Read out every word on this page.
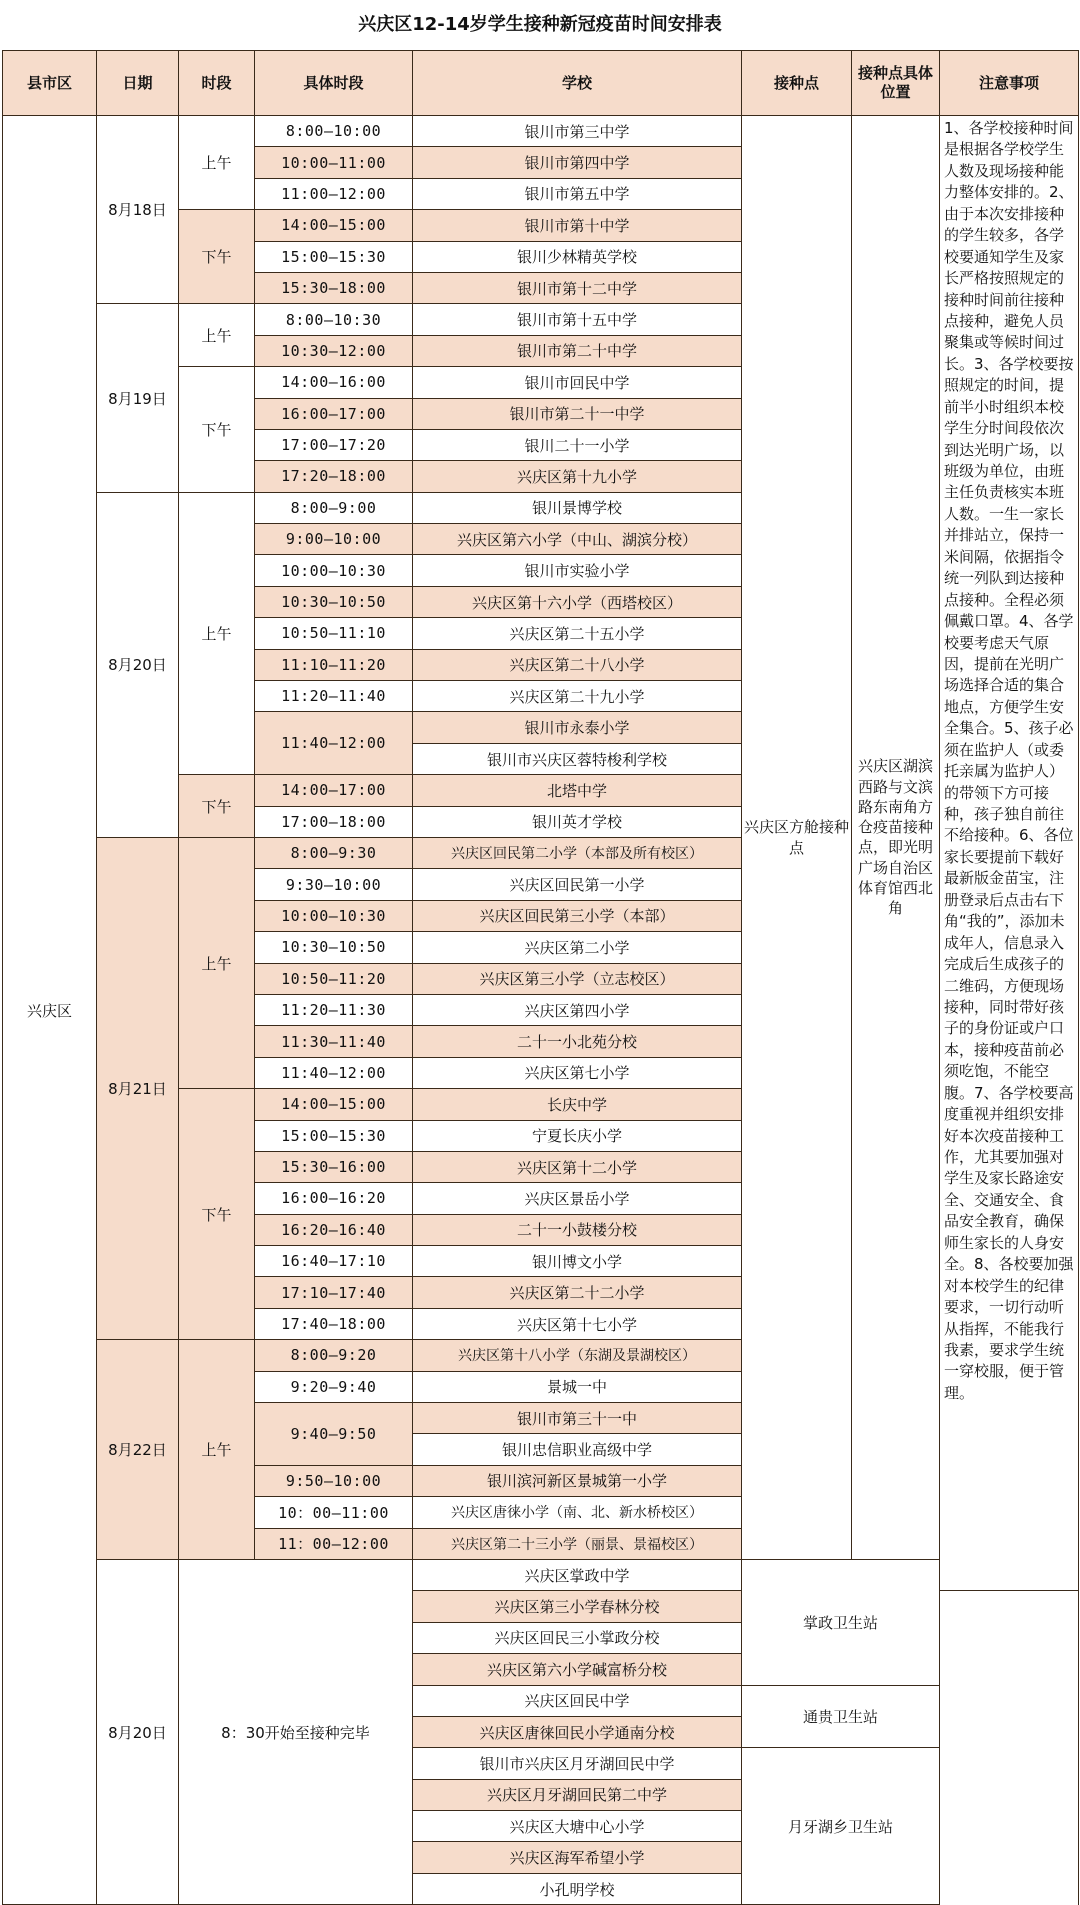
兴庆区12-14岁学生接种新冠疫苗时间安排表
县市区	日期	时段	具体时段	学校	接种点	接种点具体位置	注意事项	
兴庆区	8月18日	上午	8:00—10:00	银川市第三中学	兴庆区方舱接种点	兴庆区湖滨西路与文滨路东南角方仓疫苗接种点，即光明广场自治区体育馆西北角	1、各学校接种时间是根据各学校学生人数及现场接种能力整体安排的。2、由于本次安排接种的学生较多，各学校要通知学生及家长严格按照规定的接种时间前往接种点接种，避免人员聚集或等候时间过长。3、各学校要按照规定的时间，提前半小时组织本校学生分时间段依次到达光明广场，以班级为单位，由班主任负责核实本班人数。一生一家长并排站立，保持一米间隔，依据指令统一列队到达接种点接种。全程必须佩戴口罩。4、各学校要考虑天气原因，提前在光明广场选择合适的集合地点，方便学生安全集合。5、孩子必须在监护人（或委托亲属为监护人）的带领下方可接种，孩子独自前往不给接种。6、各位家长要提前下载好最新版金苗宝，注册登录后点击右下角“我的”，添加未成年人，信息录入完成后生成孩子的二维码，方便现场接种，同时带好孩子的身份证或户口本，接种疫苗前必须吃饱，不能空腹。7、各学校要高度重视并组织安排好本次疫苗接种工作，尤其要加强对学生及家长路途安全、交通安全、食品安全教育，确保师生家长的人身安全。8、各校要加强对本校学生的纪律要求，一切行动听从指挥，不能我行我素，要求学生统一穿校服，便于管理。	
			10:00—11:00	银川市第四中学				
			11:00—12:00	银川市第五中学				
		下午	14:00—15:00	银川市第十中学				
			15:00—15:30	银川少林精英学校				
			15:30—18:00	银川市第十二中学				
	8月19日	上午	8:00—10:30	银川市第十五中学				
			10:30—12:00	银川市第二十中学				
		下午	14:00—16:00	银川市回民中学				
			16:00—17:00	银川市第二十一中学				
			17:00—17:20	银川二十一小学				
			17:20—18:00	兴庆区第十九小学				
	8月20日	上午	8:00—9:00	银川景博学校				
			9:00—10:00	兴庆区第六小学（中山、湖滨分校）				
			10:00—10:30	银川市实验小学				
			10:30—10:50	兴庆区第十六小学（西塔校区）				
			10:50—11:10	兴庆区第二十五小学				
			11:10—11:20	兴庆区第二十八小学				
			11:20—11:40	兴庆区第二十九小学				
			11:40—12:00	银川市永泰小学				
				银川市兴庆区蓉特梭利学校				
		下午	14:00—17:00	北塔中学				
			17:00—18:00	银川英才学校				
	8月21日	上午	8:00—9:30	兴庆区回民第二小学（本部及所有校区）				
			9:30—10:00	兴庆区回民第一小学				
			10:00—10:30	兴庆区回民第三小学（本部）				
			10:30—10:50	兴庆区第二小学				
			10:50—11:20	兴庆区第三小学（立志校区）				
			11:20—11:30	兴庆区第四小学				
			11:30—11:40	二十一小北苑分校				
			11:40—12:00	兴庆区第七小学				
		下午	14:00—15:00	长庆中学				
			15:00—15:30	宁夏长庆小学				
			15:30—16:00	兴庆区第十二小学				
			16:00—16:20	兴庆区景岳小学				
			16:20—16:40	二十一小鼓楼分校				
			16:40—17:10	银川博文小学				
			17:10—17:40	兴庆区第二十二小学				
			17:40—18:00	兴庆区第十七小学				
	8月22日	上午	8:00—9:20	兴庆区第十八小学（东湖及景湖校区）				
			9:20—9:40	景城一中				
			9:40—9:50	银川市第三十一中				
				银川忠信职业高级中学				
			9:50—10:00	银川滨河新区景城第一小学				
			10：00—11:00	兴庆区唐徕小学（南、北、新水桥校区）				
			11：00—12:00	兴庆区第二十三小学（丽景、景福校区）				
	8月20日	8：30开始至接种完毕		兴庆区掌政中学	掌政卫生站			
				兴庆区第三小学春林分校				
				兴庆区回民三小掌政分校				
				兴庆区第六小学碱富桥分校				
				兴庆区回民中学	通贵卫生站			
				兴庆区唐徕回民小学通南分校				
				银川市兴庆区月牙湖回民中学	月牙湖乡卫生站			
				兴庆区月牙湖回民第二中学				
				兴庆区大塘中心小学				
				兴庆区海军希望小学				
				小孔明学校				
